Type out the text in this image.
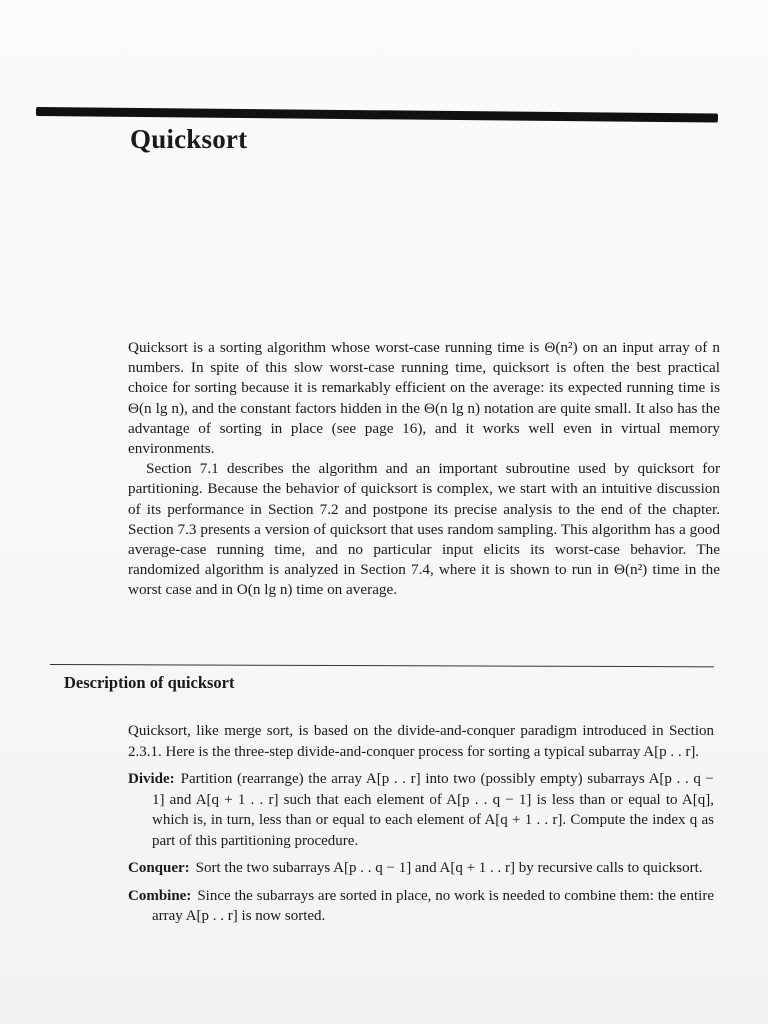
Quicksort

Quicksort is a sorting algorithm whose worst-case running time is Θ(n²) on an input array of n numbers. In spite of this slow worst-case running time, quicksort is often the best practical choice for sorting because it is remarkably efficient on the average: its expected running time is Θ(n lg n), and the constant factors hidden in the Θ(n lg n) notation are quite small. It also has the advantage of sorting in place (see page 16), and it works well even in virtual memory environments.

Section 7.1 describes the algorithm and an important subroutine used by quicksort for partitioning. Because the behavior of quicksort is complex, we start with an intuitive discussion of its performance in Section 7.2 and postpone its precise analysis to the end of the chapter. Section 7.3 presents a version of quicksort that uses random sampling. This algorithm has a good average-case running time, and no particular input elicits its worst-case behavior. The randomized algorithm is analyzed in Section 7.4, where it is shown to run in Θ(n²) time in the worst case and in O(n lg n) time on average.

Description of quicksort

Quicksort, like merge sort, is based on the divide-and-conquer paradigm introduced in Section 2.3.1. Here is the three-step divide-and-conquer process for sorting a typical subarray A[p . . r].

Divide: Partition (rearrange) the array A[p . . r] into two (possibly empty) subarrays A[p . . q − 1] and A[q + 1 . . r] such that each element of A[p . . q − 1] is less than or equal to A[q], which is, in turn, less than or equal to each element of A[q + 1 . . r]. Compute the index q as part of this partitioning procedure.
Conquer: Sort the two subarrays A[p . . q − 1] and A[q + 1 . . r] by recursive calls to quicksort.
Combine: Since the subarrays are sorted in place, no work is needed to combine them: the entire array A[p . . r] is now sorted.
